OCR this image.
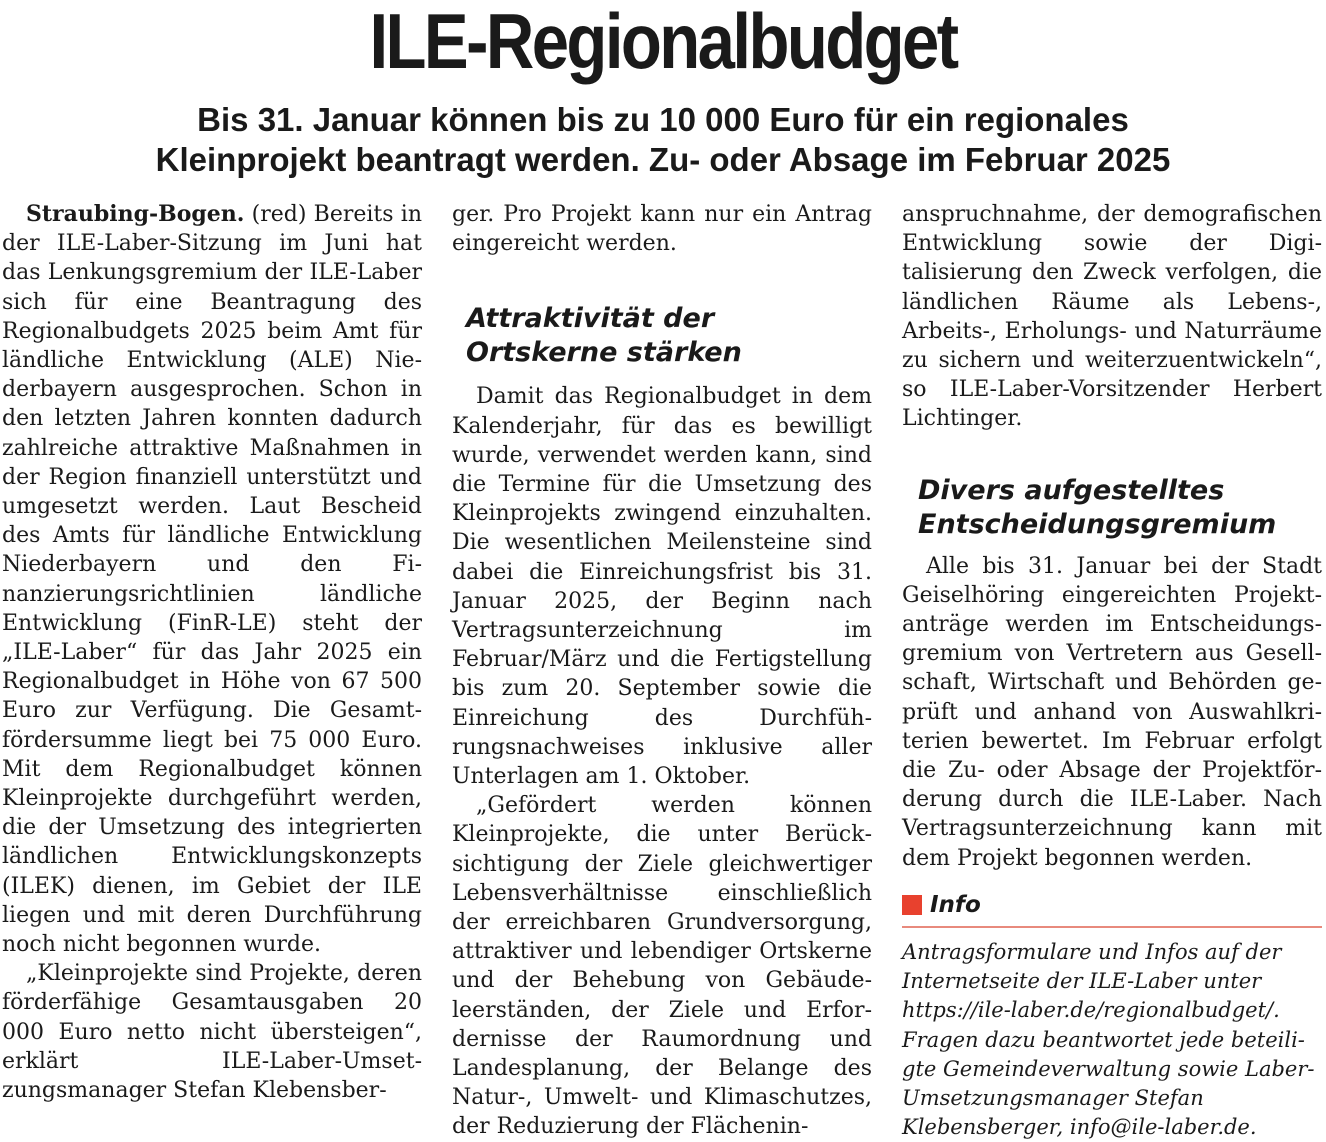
ILE-Regionalbudget
Bis 31. Januar können bis zu 10 000 Euro für ein regionales
Kleinprojekt beantragt werden. Zu- oder Absage im Februar 2025

Straubing-Bogen. (red) Bereits in der ILE-Laber-Sitzung im Juni hat das Lenkungsgremium der ILE-Laber sich für eine Beantragung des Regionalbudgets 2025 beim Amt für ländliche Entwicklung (ALE) Niederbayern ausgesprochen. Schon in den letzten Jahren konnten dadurch zahlreiche attraktive Maßnahmen in der Region finanziell unterstützt und umgesetzt werden. Laut Bescheid des Amts für ländliche Entwicklung Niederbayern und den Finanzierungsrichtlinien ländliche Entwicklung (FinR-LE) steht der „ILE-Laber“ für das Jahr 2025 ein Regionalbudget in Höhe von 67 500 Euro zur Verfügung. Die Gesamtfördersumme liegt bei 75 000 Euro. Mit dem Regionalbudget können Kleinprojekte durchgeführt werden, die der Umsetzung des integrierten ländlichen Entwicklungskonzepts (ILEK) dienen, im Gebiet der ILE liegen und mit deren Durchführung noch nicht begonnen wurde.

„Kleinprojekte sind Projekte, deren förderfähige Gesamtausgaben 20 000 Euro netto nicht übersteigen“, erklärt ILE-Laber-Umsetzungsmanager Stefan Klebensber-

ger. Pro Projekt kann nur ein Antrag eingereicht werden.

Attraktivität der
Ortskerne stärken

Damit das Regionalbudget in dem Kalenderjahr, für das es bewilligt wurde, verwendet werden kann, sind die Termine für die Umsetzung des Kleinprojekts zwingend einzuhalten. Die wesentlichen Meilensteine sind dabei die Einreichungsfrist bis 31. Januar 2025, der Beginn nach Vertragsunterzeichnung im Februar/März und die Fertigstellung bis zum 20. September sowie die Einreichung des Durchführungsnachweises inklusive aller Unterlagen am 1. Oktober.

„Gefördert werden können Kleinprojekte, die unter Berücksichtigung der Ziele gleichwertiger Lebensverhältnisse einschließlich der erreichbaren Grundversorgung, attraktiver und lebendiger Ortskerne und der Behebung von Gebäudeleerständen, der Ziele und Erfordernisse der Raumordnung und Landesplanung, der Belange des Natur-, Umwelt- und Klimaschutzes, der Reduzierung der Flächenin-

anspruchnahme, der demografischen Entwicklung sowie der Digitalisierung den Zweck verfolgen, die ländlichen Räume als Lebens-, Arbeits-, Erholungs- und Naturräume zu sichern und weiterzuentwickeln“, so ILE-Laber-Vorsitzender Herbert Lichtinger.

Divers aufgestelltes
Entscheidungsgremium

Alle bis 31. Januar bei der Stadt Geiselhöring eingereichten Projektanträge werden im Entscheidungsgremium von Vertretern aus Gesellschaft, Wirtschaft und Behörden geprüft und anhand von Auswahlkriterien bewertet. Im Februar erfolgt die Zu- oder Absage der Projektförderung durch die ILE-Laber. Nach Vertragsunterzeichnung kann mit dem Projekt begonnen werden.

Info
Antragsformulare und Infos auf der Internetseite der ILE-Laber unter https://ile-laber.de/regionalbudget/. Fragen dazu beantwortet jede beteiligte Gemeindeverwaltung sowie Laber-Umsetzungsmanager Stefan Klebensberger, info@ile-laber.de.
